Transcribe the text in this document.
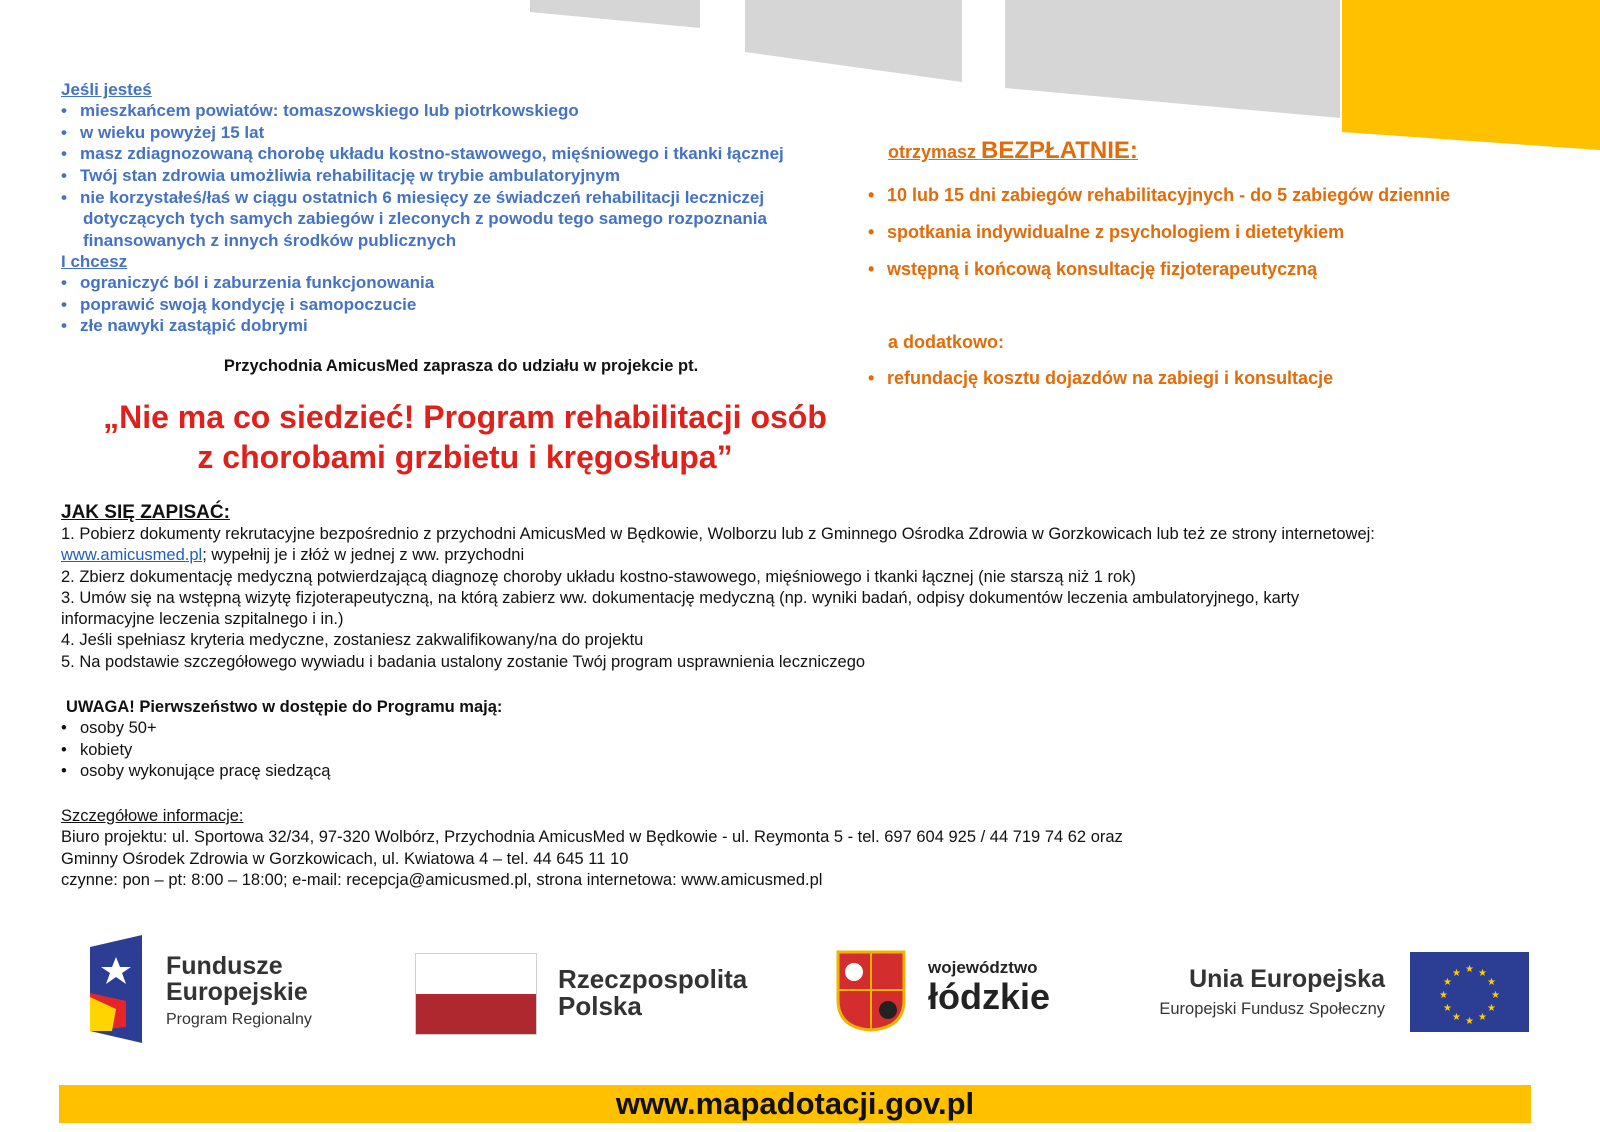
Jeśli jesteś
• mieszkańcem powiatów: tomaszowskiego lub piotrkowskiego
• w wieku powyżej 15 lat
• masz zdiagnozowaną chorobę układu kostno-stawowego, mięśniowego i tkanki łącznej
• Twój stan zdrowia umożliwia rehabilitację w trybie ambulatoryjnym
• nie korzystałeś/łaś w ciągu ostatnich 6 miesięcy ze świadczeń rehabilitacji leczniczej
dotyczących tych samych zabiegów i zleconych z powodu tego samego rozpoznania
finansowanych z innych środków publicznych
I chcesz
• ograniczyć ból i zaburzenia funkcjonowania
• poprawić swoją kondycję i samopoczucie
• złe nawyki zastąpić dobrymi
otrzymasz BEZPŁATNIE:
• 10 lub 15 dni zabiegów rehabilitacyjnych - do 5 zabiegów dziennie
• spotkania indywidualne z psychologiem i dietetykiem
• wstępną i końcową konsultację fizjoterapeutyczną
a dodatkowo:
• refundację kosztu dojazdów na zabiegi i konsultacje
Przychodnia AmicusMed zaprasza do udziału w projekcie pt.
„Nie ma co siedzieć! Program rehabilitacji osób
z chorobami grzbietu i kręgosłupa”
JAK SIĘ ZAPISAĆ:
1. Pobierz dokumenty rekrutacyjne bezpośrednio z przychodni AmicusMed w Będkowie, Wolborzu lub z Gminnego Ośrodka Zdrowia w Gorzkowicach lub też ze strony internetowej:
www.amicusmed.pl; wypełnij je i złóż w jednej z ww. przychodni
2. Zbierz dokumentację medyczną potwierdzającą diagnozę choroby układu kostno-stawowego, mięśniowego i tkanki łącznej (nie starszą niż 1 rok)
3. Umów się na wstępną wizytę fizjoterapeutyczną, na którą zabierz ww. dokumentację medyczną (np. wyniki badań, odpisy dokumentów leczenia ambulatoryjnego, karty
informacyjne leczenia szpitalnego i in.)
4. Jeśli spełniasz kryteria medyczne, zostaniesz zakwalifikowany/na do projektu
5. Na podstawie szczegółowego wywiadu i badania ustalony zostanie Twój program usprawnienia leczniczego
UWAGA! Pierwszeństwo w dostępie do Programu mają:
• osoby 50+
• kobiety
• osoby wykonujące pracę siedzącą
Szczegółowe informacje:
Biuro projektu: ul. Sportowa 32/34, 97-320 Wolbórz, Przychodnia AmicusMed w Będkowie - ul. Reymonta 5 - tel. 697 604 925 / 44 719 74 62 oraz
Gminny Ośrodek Zdrowia w Gorzkowicach, ul. Kwiatowa 4 – tel. 44 645 11 10
czynne: pon – pt: 8:00 – 18:00; e-mail: recepcja@amicusmed.pl, strona internetowa: www.amicusmed.pl
Fundusze
Europejskie
Program Regionalny
Rzeczpospolita
Polska
województwo
łódzkie	Unia Europejska
Europejski Fundusz Społeczny
★ ★
★
★
★
★
★
★
★
★
★
★
www.mapadotacji.gov.pl
